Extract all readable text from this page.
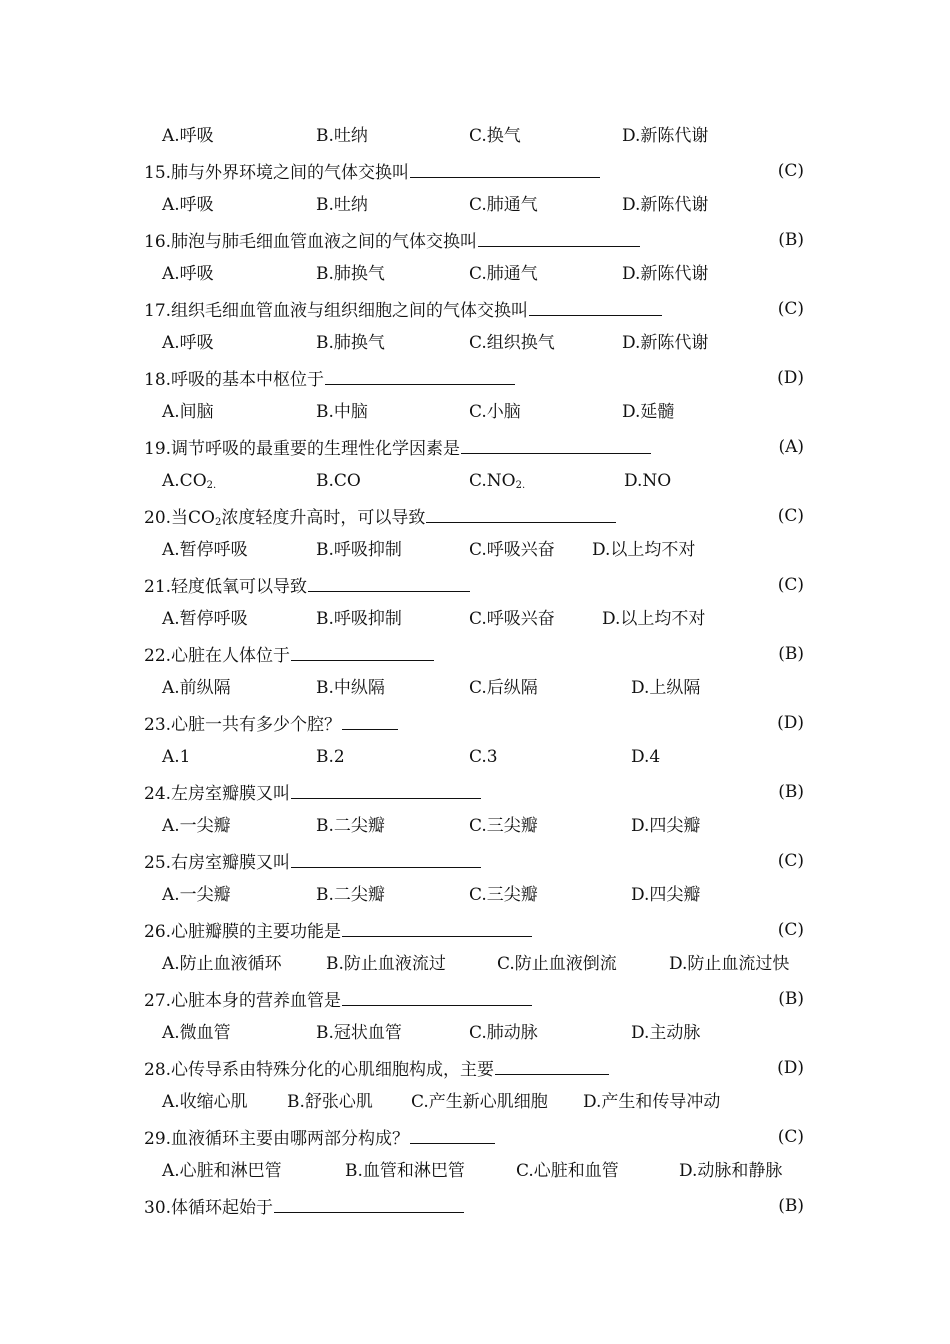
A.呼吸	B.吐纳	C.换气	D.新陈代谢
15.肺与外界环境之间的气体交换叫	(C)
A.呼吸	B.吐纳	C.肺通气	D.新陈代谢
16.肺泡与肺毛细血管血液之间的气体交换叫	(B)
A.呼吸	B.肺换气	C.肺通气	D.新陈代谢
17.组织毛细血管血液与组织细胞之间的气体交换叫	(C)
A.呼吸	B.肺换气	C.组织换气	D.新陈代谢
18.呼吸的基本中枢位于	(D)
A.间脑	B.中脑	C.小脑	D.延髓
19.调节呼吸的最重要的生理性化学因素是	(A)
$A.CO_{2.}$	B.CO	$C.NO_{2.}$	D.NO
20.当$CO_2$浓度轻度升高时，可以导致	(C)
A.暂停呼吸	B.呼吸抑制	C.呼吸兴奋 D.以上均不对
21.轻度低氧可以导致	(C)
A.暂停呼吸	B.呼吸抑制	C.呼吸兴奋	D.以上均不对
22.心脏在人体位于	(B)
A.前纵隔	B.中纵隔	C.后纵隔	D.上纵隔
23.心脏一共有多少个腔？	(D)
A.1	B.2	C.3	D.4
24.左房室瓣膜又叫	(B)
A.一尖瓣	B.二尖瓣	C.三尖瓣	D.四尖瓣
25.右房室瓣膜又叫	(C)
A.一尖瓣	B.二尖瓣	C.三尖瓣	D.四尖瓣
26.心脏瓣膜的主要功能是	(C)
A.防止血液循环	B.防止血液流过	C.防止血液倒流	D.防止血流过快
27.心脏本身的营养血管是	(B)
A.微血管	B.冠状血管	C.肺动脉	D.主动脉
28.心传导系由特殊分化的心肌细胞构成，主要	(D)
A.收缩心肌 B.舒张心肌 C.产生新心肌细胞 D.产生和传导冲动
29.血液循环主要由哪两部分构成？	(C)
A.心脏和淋巴管	B.血管和淋巴管	C.心脏和血管	D.动脉和静脉
30.体循环起始于	(B)
